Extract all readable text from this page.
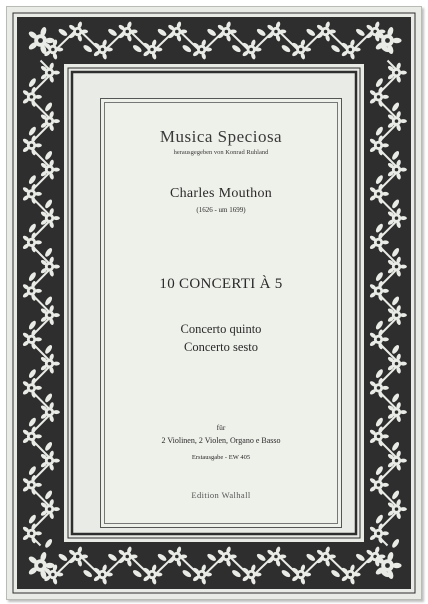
Musica Speciosa
herausgegeben von Konrad Ruhland
Charles Mouthon
(1626 - um 1699)
10 CONCERTI À 5
Concerto quinto
Concerto sesto
für
2 Violinen, 2 Violen, Organo e Basso
Erstausgabe - EW 405
Edition Walhall
